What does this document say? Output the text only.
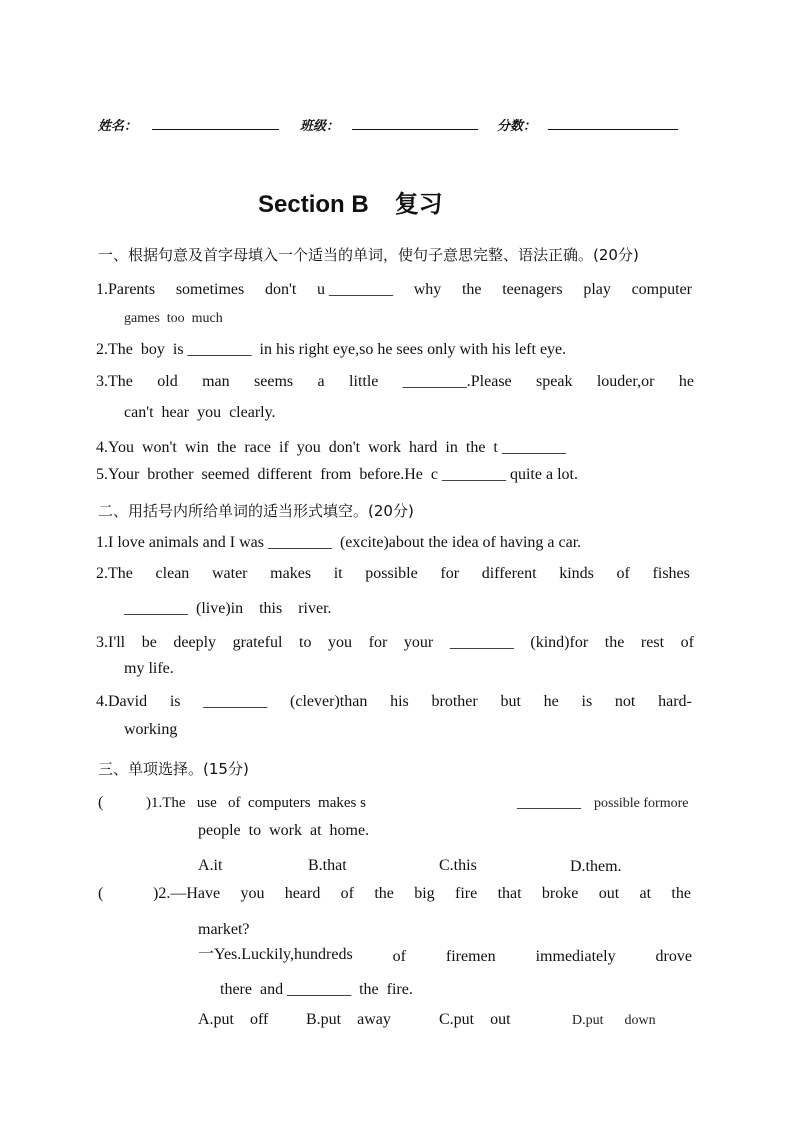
姓名：	班级：	分数：
Section B 复习
一、根据句意及首字母填入一个适当的单词，使句子意思完整、语法正确。(20分)
1.Parents sometimes don't u ________ why the teenagers play computer
games  too  much
2.The  boy  is ________  in his right eye,so he sees only with his left eye.
3.The old man seems a little ________.Please speak louder,or he
can't  hear  you  clearly.
4.You  won't  win  the  race  if  you  don't  work  hard  in  the  t ________
5.Your  brother  seemed  different  from  before.He  c ________ quite a lot.
二、用括号内所给单词的适当形式填空。(20分)
1.I love animals and I was ________  (excite)about the idea of having a car.
2.The clean water makes it possible for different kinds of fishes
________  (live)in    this    river.
3.I'll be deeply grateful to you for your ________ (kind)for the rest of
my life.
4.David is ________ (clever)than his brother but he is not hard-
working
三、单项选择。(15分)
(	)1.The   use   of  computers  makes s	________ possible formore
people  to  work  at  home.
A.it	B.that	C.this	D.them.
(	)2.—Have you heard of the big fire that broke out at the
market?
一Yes.Luckily,hundreds of firemen immediately drove
there  and ________  the  fire.
A.put    off B.put    away	C.put    out	D.put      down
